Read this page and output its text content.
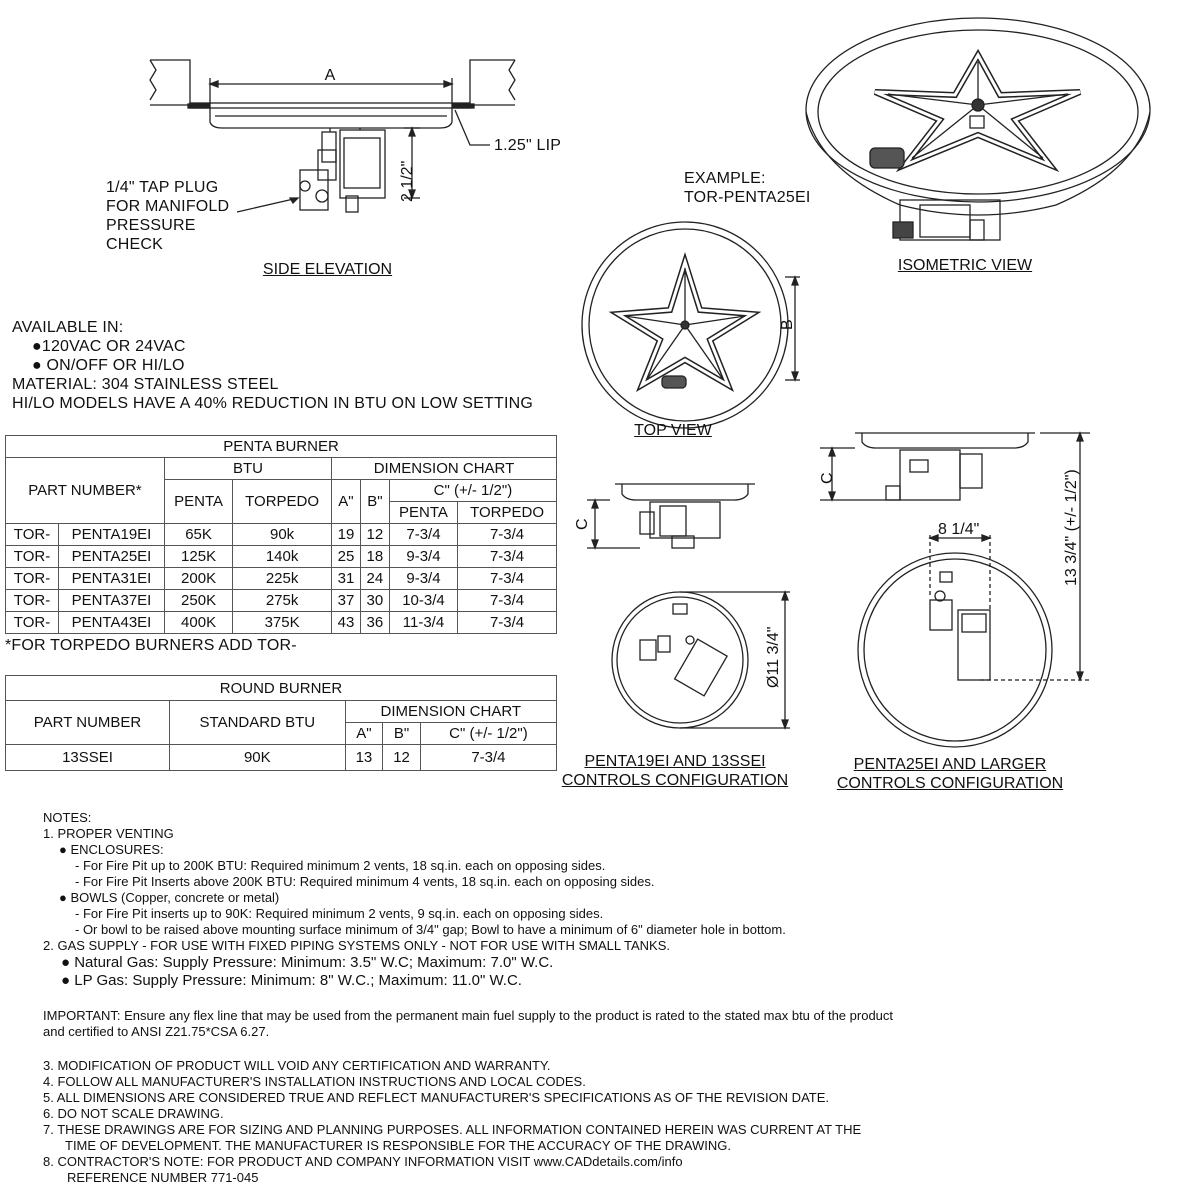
A
2 1/2"
1.25" LIP
1/4" TAP PLUG
FOR MANIFOLD
PRESSURE
CHECK
SIDE ELEVATION
EXAMPLE:
TOR-PENTA25EI
ISOMETRIC VIEW
B
TOP VIEW
C
Ø11 3/4"
PENTA19EI AND 13SSEI
CONTROLS CONFIGURATION
C
8 1/4"	13 3/4" (+/- 1/2")
PENTA25EI AND LARGER
CONTROLS CONFIGURATION
AVAILABLE IN:
●120VAC OR 24VAC
● ON/OFF OR HI/LO
MATERIAL: 304 STAINLESS STEEL
HI/LO MODELS HAVE A 40% REDUCTION IN BTU ON LOW SETTING
PENTA BURNER							
PART NUMBER*		BTU		DIMENSION CHART			
		PENTA	TORPEDO	A"	B"	C" (+/- 1/2")	
						PENTA	TORPEDO
TOR-	PENTA19EI	65K	90k	19	12	7-3/4	7-3/4
TOR-	PENTA25EI	125K	140k	25	18	9-3/4	7-3/4
TOR-	PENTA31EI	200K	225k	31	24	9-3/4	7-3/4
TOR-	PENTA37EI	250K	275k	37	30	10-3/4	7-3/4
TOR-	PENTA43EI	400K	375K	43	36	11-3/4	7-3/4
*FOR TORPEDO BURNERS ADD TOR-
ROUND BURNER				
PART NUMBER	STANDARD BTU	DIMENSION CHART		
		A"	B"	C" (+/- 1/2")
13SSEI	90K	13	12	7-3/4
NOTES:
1. PROPER VENTING
● ENCLOSURES:
- For Fire Pit up to 200K BTU: Required minimum 2 vents, 18 sq.in. each on opposing sides.
- For Fire Pit Inserts above 200K BTU: Required minimum 4 vents, 18 sq.in. each on opposing sides.
● BOWLS (Copper, concrete or metal)
- For Fire Pit inserts up to 90K: Required minimum 2 vents, 9 sq.in. each on opposing sides.
- Or bowl to be raised above mounting surface minimum of 3/4" gap; Bowl to have a minimum of 6" diameter hole in bottom.
2. GAS SUPPLY - FOR USE WITH FIXED PIPING SYSTEMS ONLY - NOT FOR USE WITH SMALL TANKS.
● Natural Gas: Supply Pressure: Minimum: 3.5" W.C; Maximum: 7.0" W.C.
● LP Gas: Supply Pressure: Minimum: 8" W.C.; Maximum: 11.0" W.C.
IMPORTANT: Ensure any flex line that may be used from the permanent main fuel supply to the product is rated to the stated max btu of the product
and certified to ANSI Z21.75*CSA 6.27.
3. MODIFICATION OF PRODUCT WILL VOID ANY CERTIFICATION AND WARRANTY.
4. FOLLOW ALL MANUFACTURER'S INSTALLATION INSTRUCTIONS AND LOCAL CODES.
5. ALL DIMENSIONS ARE CONSIDERED TRUE AND REFLECT MANUFACTURER'S SPECIFICATIONS AS OF THE REVISION DATE.
6. DO NOT SCALE DRAWING.
7. THESE DRAWINGS ARE FOR SIZING AND PLANNING PURPOSES. ALL INFORMATION CONTAINED HEREIN WAS CURRENT AT THE
TIME OF DEVELOPMENT. THE MANUFACTURER IS RESPONSIBLE FOR THE ACCURACY OF THE DRAWING.
8. CONTRACTOR'S NOTE: FOR PRODUCT AND COMPANY INFORMATION VISIT www.CADdetails.com/info
REFERENCE NUMBER 771-045
